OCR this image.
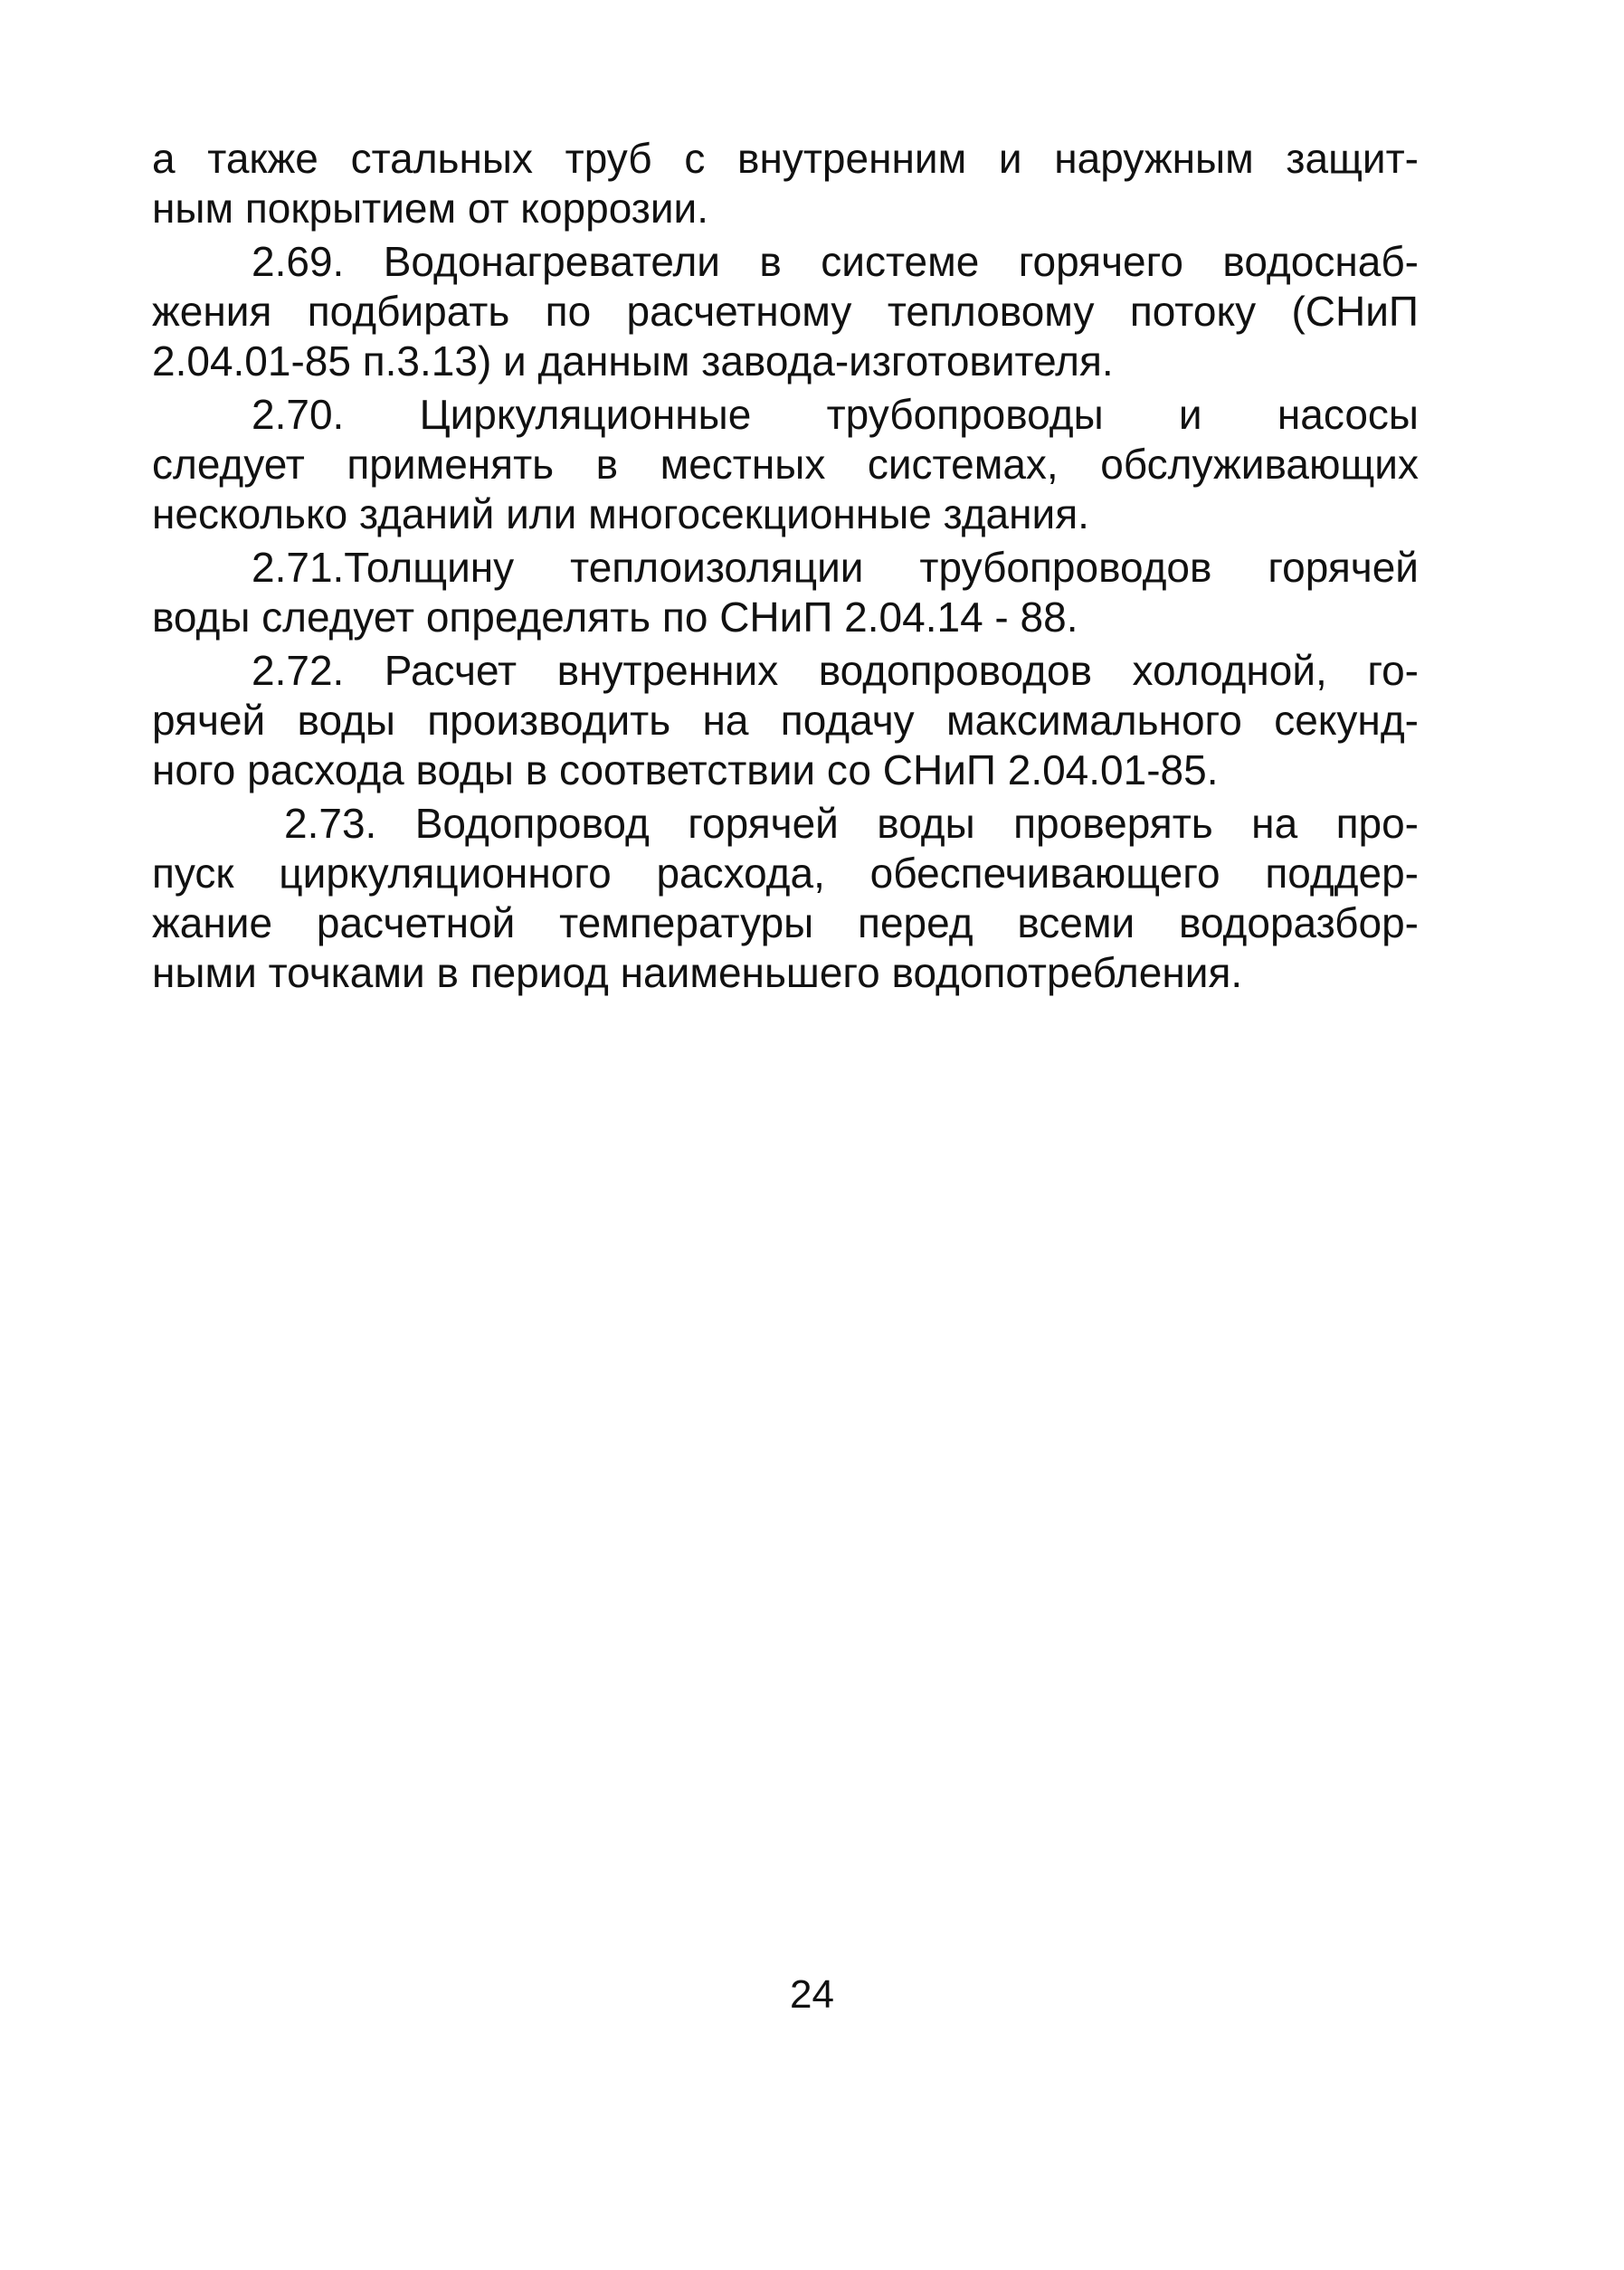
а также стальных труб с внутренним и наружным защит-
ным покрытием от коррозии.
2.69. Водонагреватели в системе горячего водоснаб-
жения подбирать по расчетному тепловому потоку (СНиП
2.04.01-85 п.3.13) и данным завода-изготовителя.
2.70. Циркуляционные трубопроводы и насосы
следует применять в местных системах, обслуживающих
несколько зданий или многосекционные здания.
2.71.Толщину теплоизоляции трубопроводов горячей
воды следует определять по СНиП 2.04.14 - 88.
2.72. Расчет внутренних водопроводов холодной, го-
рячей воды производить на подачу максимального секунд-
ного расхода воды в соответствии со СНиП 2.04.01-85.
2.73. Водопровод горячей воды проверять на про-
пуск циркуляционного расхода, обеспечивающего поддер-
жание расчетной температуры перед всеми водоразбор-
ными точками в период наименьшего водопотребления.
24
